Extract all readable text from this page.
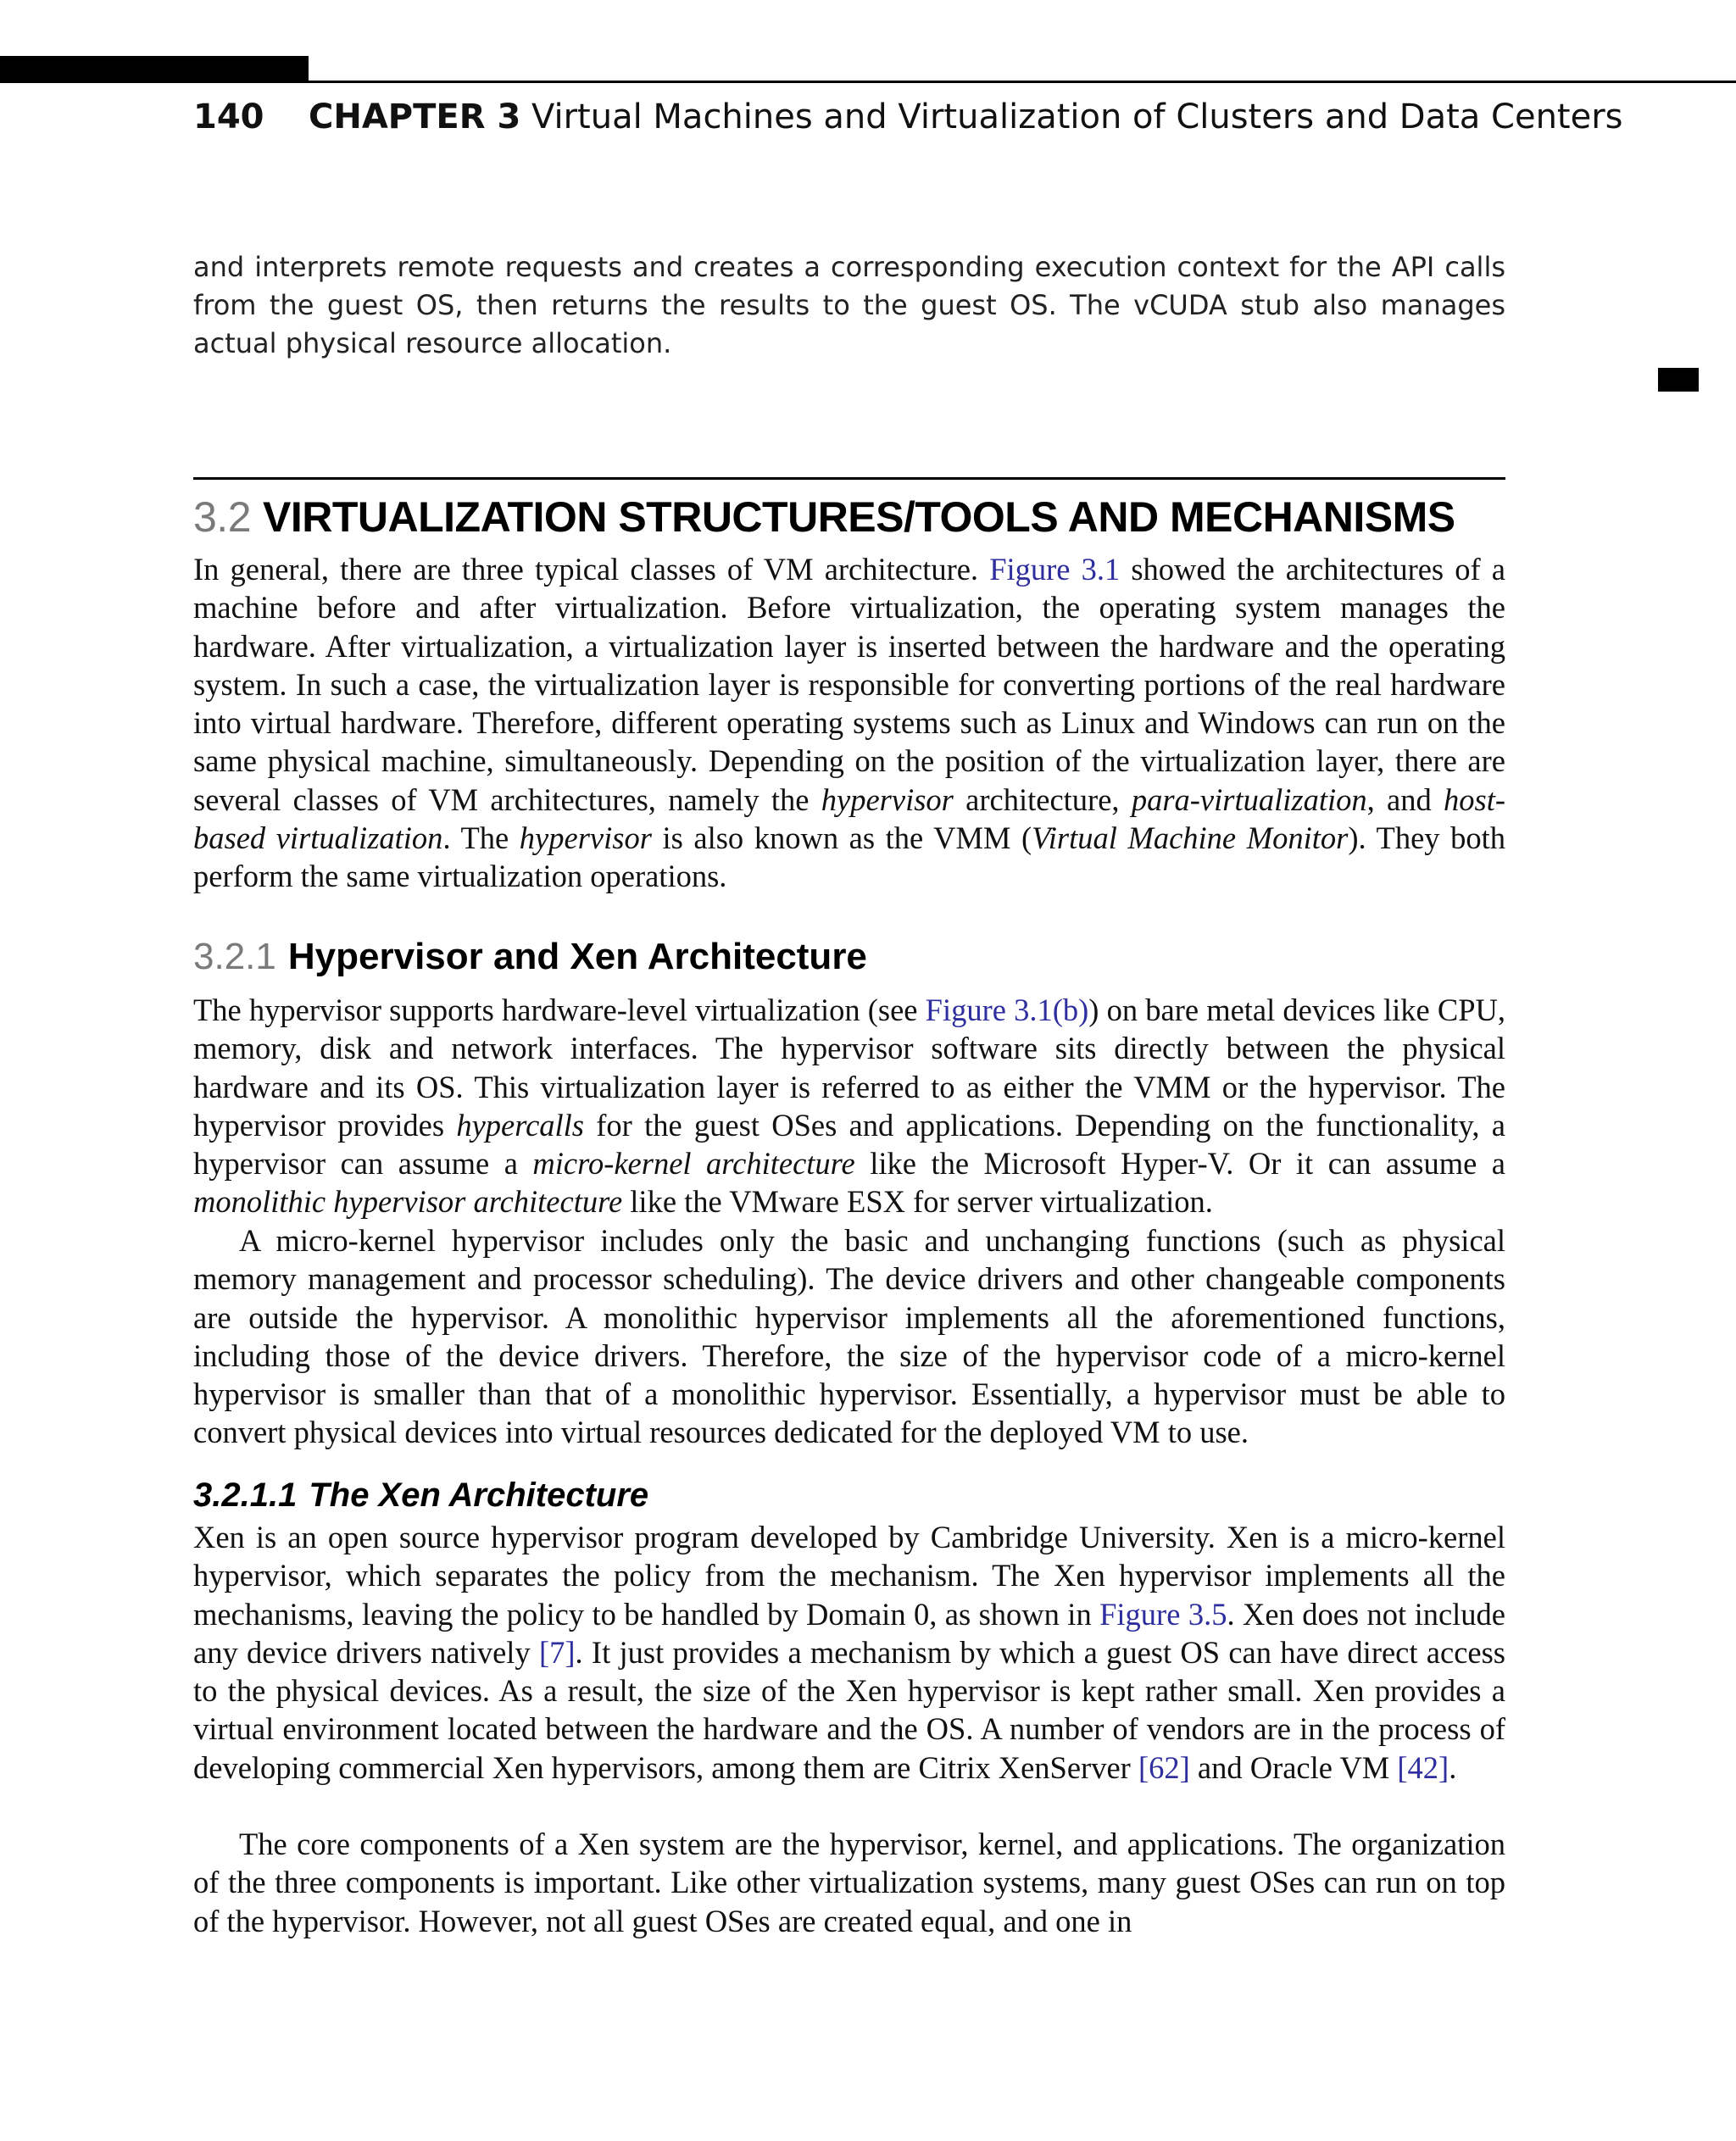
140 CHAPTER 3 Virtual Machines and Virtualization of Clusters and Data Centers

and interprets remote requests and creates a corresponding execution context for the API calls from the guest OS, then returns the results to the guest OS. The vCUDA stub also manages actual physical resource allocation.

3.2 VIRTUALIZATION STRUCTURES/TOOLS AND MECHANISMS

In general, there are three typical classes of VM architecture. Figure 3.1 showed the architectures of a machine before and after virtualization. Before virtualization, the operating system manages the hardware. After virtualization, a virtualization layer is inserted between the hardware and the operating system. In such a case, the virtualization layer is responsible for converting portions of the real hardware into virtual hardware. Therefore, different operating systems such as Linux and Windows can run on the same physical machine, simultaneously. Depending on the position of the virtualization layer, there are several classes of VM architectures, namely the hypervisor architecture, para-virtualization, and host-based virtualization. The hypervisor is also known as the VMM (Virtual Machine Monitor). They both perform the same virtualization operations.

3.2.1 Hypervisor and Xen Architecture

The hypervisor supports hardware-level virtualization (see Figure 3.1(b)) on bare metal devices like CPU, memory, disk and network interfaces. The hypervisor software sits directly between the physical hardware and its OS. This virtualization layer is referred to as either the VMM or the hypervisor. The hypervisor provides hypercalls for the guest OSes and applications. Depending on the functionality, a hypervisor can assume a micro-kernel architecture like the Microsoft Hyper-V. Or it can assume a monolithic hypervisor architecture like the VMware ESX for server virtualization.

A micro-kernel hypervisor includes only the basic and unchanging functions (such as physical memory management and processor scheduling). The device drivers and other changeable components are outside the hypervisor. A monolithic hypervisor implements all the aforementioned functions, including those of the device drivers. Therefore, the size of the hypervisor code of a micro-kernel hypervisor is smaller than that of a monolithic hypervisor. Essentially, a hypervisor must be able to convert physical devices into virtual resources dedicated for the deployed VM to use.

3.2.1.1 The Xen Architecture

Xen is an open source hypervisor program developed by Cambridge University. Xen is a micro-kernel hypervisor, which separates the policy from the mechanism. The Xen hypervisor implements all the mechanisms, leaving the policy to be handled by Domain 0, as shown in Figure 3.5. Xen does not include any device drivers natively [7]. It just provides a mechanism by which a guest OS can have direct access to the physical devices. As a result, the size of the Xen hypervisor is kept rather small. Xen provides a virtual environment located between the hardware and the OS. A number of vendors are in the process of developing commercial Xen hypervisors, among them are Citrix XenServer [62] and Oracle VM [42].

The core components of a Xen system are the hypervisor, kernel, and applications. The organization of the three components is important. Like other virtualization systems, many guest OSes can run on top of the hypervisor. However, not all guest OSes are created equal, and one in
